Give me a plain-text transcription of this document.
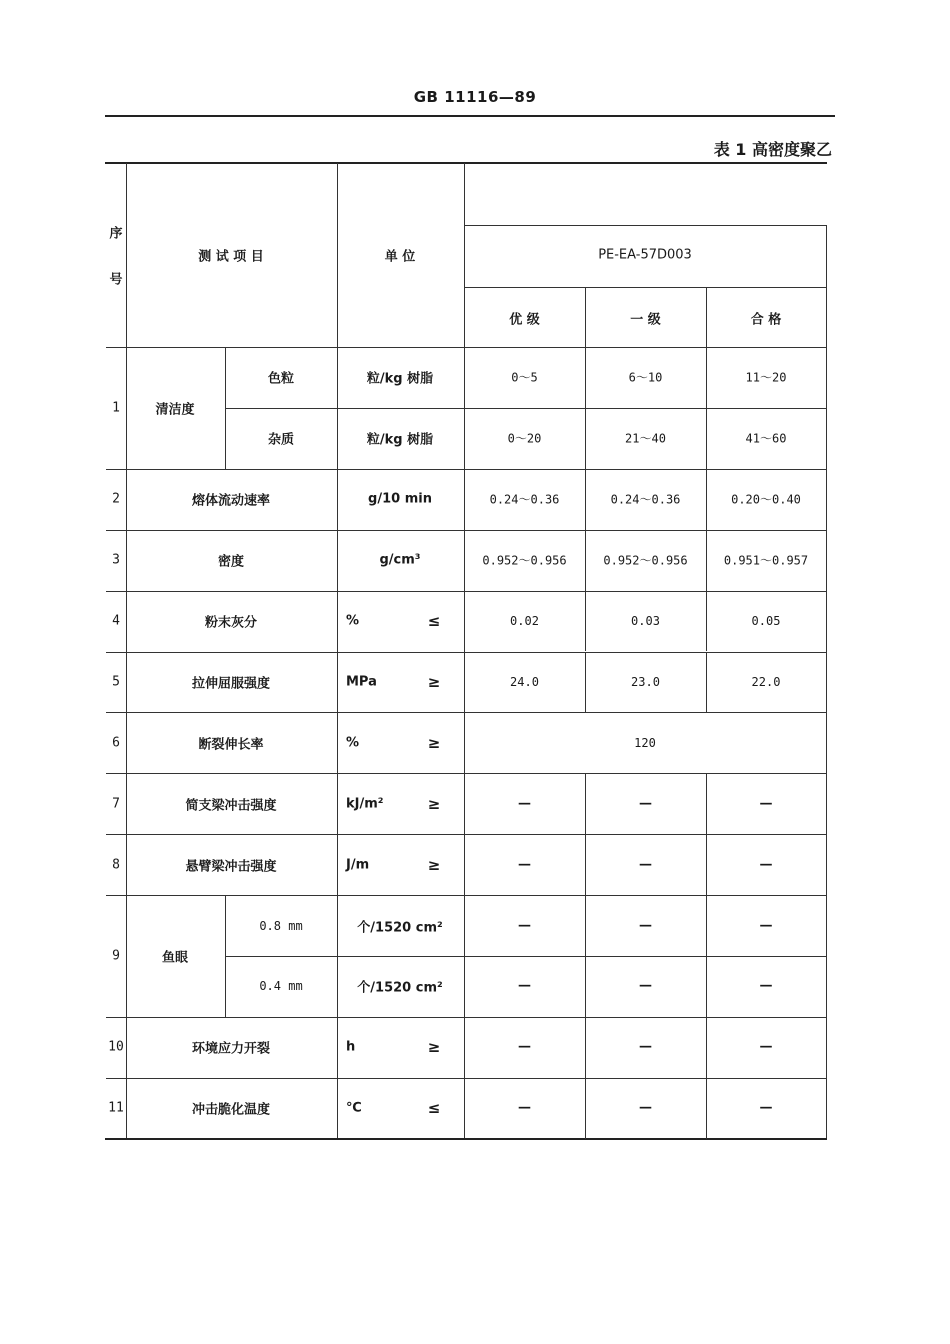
GB 11116—89
表 1 高密度聚乙
序
号
测 试 项 目	单 位	PE-EA-57D003
优 级	一 级	合 格
1	清洁度
色粒	粒/kg 树脂	0～5	6～10	11～20
杂质	粒/kg 树脂	0～20	21～40	41～60
2	熔体流动速率	g/10 min	0.24～0.36	0.24～0.36	0.20～0.40
3	密度	g/cm³	0.952～0.956	0.952～0.956	0.951～0.957
4	粉末灰分	%	≤	0.02	0.03	0.05
5	拉伸屈服强度	MPa	≥	24.0	23.0	22.0
6	断裂伸长率	%	≥	120
7	简支梁冲击强度	kJ/m²	≥	—	—	—
8	悬臂梁冲击强度	J/m	≥	—	—	—
9	鱼眼
0.8 mm	个/1520 cm²	—	—	—
0.4 mm	个/1520 cm²	—	—	—
10	环境应力开裂	h	≥	—	—	—
11	冲击脆化温度	℃	≤	—	—	—
